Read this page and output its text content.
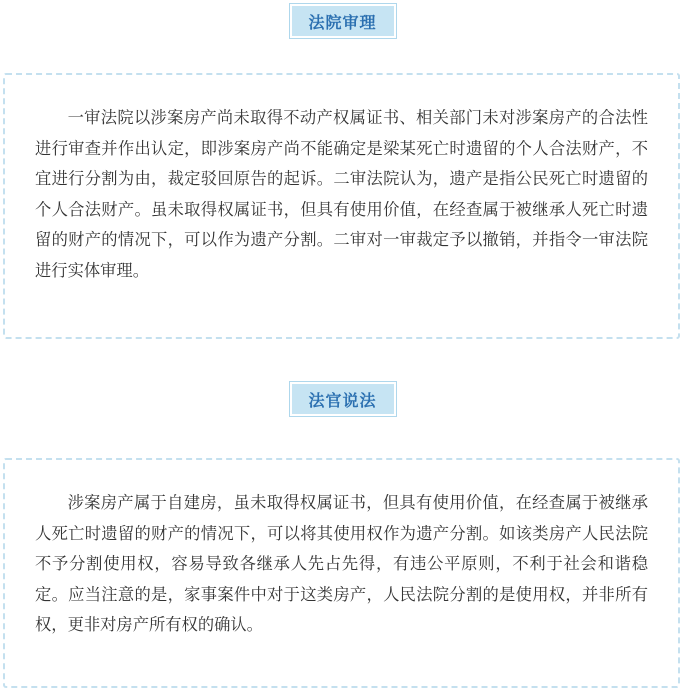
法院审理

一审法院以涉案房产尚未取得不动产权属证书、相关部门未对涉案房产的合法性进行审查并作出认定，即涉案房产尚不能确定是梁某死亡时遗留的个人合法财产，不宜进行分割为由，裁定驳回原告的起诉。二审法院认为，遗产是指公民死亡时遗留的个人合法财产。虽未取得权属证书，但具有使用价值，在经查属于被继承人死亡时遗留的财产的情况下，可以作为遗产分割。二审对一审裁定予以撤销，并指令一审法院进行实体审理。

法官说法

涉案房产属于自建房，虽未取得权属证书，但具有使用价值，在经查属于被继承人死亡时遗留的财产的情况下，可以将其使用权作为遗产分割。如该类房产人民法院不予分割使用权，容易导致各继承人先占先得，有违公平原则，不利于社会和谐稳定。应当注意的是，家事案件中对于这类房产，人民法院分割的是使用权，并非所有权，更非对房产所有权的确认。
